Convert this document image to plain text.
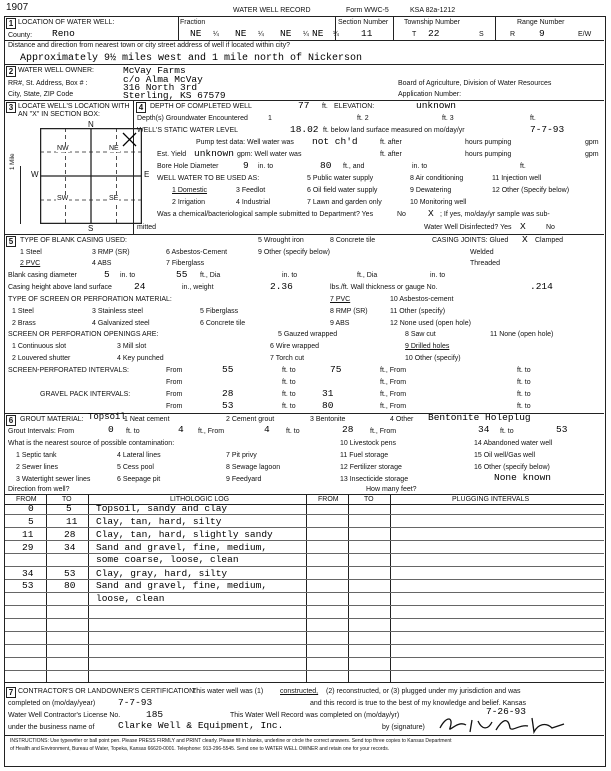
1907	WATER WELL RECORD	Form WWC-5	KSA 82a-1212
1 LOCATION OF WATER WELL:
County: Reno
Fraction
NE ¼ NE ¼ NE ¼ NE ¼
Section Number
11
Township Number
T 22	S
Range Number
R	9	E/W
Distance and direction from nearest town or city street address of well if located within city?
Approximately 9½ miles west and 1 mile north of Nickerson
2 WATER WELL OWNER:	McVay Farms
c/o Alma McVay
RR#, St. Address, Box # :	316 North 3rd
City, State, ZIP Code	Sterling, KS 67579
Board of Agriculture, Division of Water Resources
Application Number:
3 LOCATE WELL'S LOCATION WITH
AN "X" IN SECTION BOX:
N
S
W	E
1 Mile
NW	NE
SW	SE
4 DEPTH OF COMPLETED WELL	77 ft. ELEVATION:	unknown
Depth(s) Groundwater Encountered	1	ft. 2	ft. 3	ft.
WELL'S STATIC WATER LEVEL	18.02 ft. below land surface measured on mo/day/yr	7-7-93
Pump test data: Well water was not ch'd	ft. after	hours pumping	gpm
Est. Yield unknown gpm: Well water was	ft. after	hours pumping	gpm
Bore Hole Diameter	9 in. to	80 ft., and	in. to	ft.
WELL WATER TO BE USED AS:	5 Public water supply	8 Air conditioning	11 Injection well
1 Domestic	3 Feedlot	6 Oil field water supply	9 Dewatering	12 Other (Specify below)
2 Irrigation	4 Industrial	7 Lawn and garden only	10 Monitoring well
Was a chemical/bacteriological sample submitted to Department? Yes	No X ; If yes, mo/day/yr sample was sub-
mitted	Water Well Disinfected? Yes X	No
5 TYPE OF BLANK CASING USED:	5 Wrought iron	8 Concrete tile	CASING JOINTS: Glued X Clamped
1 Steel	3 RMP (SR)	6 Asbestos-Cement	9 Other (specify below)	Welded
2 PVC	4 ABS	7 Fiberglass	Threaded
Blank casing diameter	5 in. to	55 ft., Dia	in. to	ft., Dia	in. to
Casing height above land surface 24	in., weight	2.36	lbs./ft. Wall thickness or gauge No.	.214
TYPE OF SCREEN OR PERFORATION MATERIAL:	7 PVC	10 Asbestos-cement
1 Steel	3 Stainless steel	5 Fiberglass	8 RMP (SR)	11 Other (specify)
2 Brass	4 Galvanized steel	6 Concrete tile	9 ABS	12 None used (open hole)
SCREEN OR PERFORATION OPENINGS ARE:	5 Gauzed wrapped	8 Saw cut	11 None (open hole)
1 Continuous slot	3 Mill slot	6 Wire wrapped	9 Drilled holes
2 Louvered shutter	4 Key punched	7 Torch cut	10 Other (specify)
SCREEN-PERFORATED INTERVALS:	From	55	ft. to	75	ft., From	ft. to
From	ft. to	ft., From	ft. to
GRAVEL PACK INTERVALS:	From	28	ft. to	31	ft., From	ft. to
From	53	ft. to	80	ft., From	ft. to
6 GROUT MATERIAL: Topsoil
1 Neat cement	2 Cement grout	3 Bentonite	4 Other Bentonite Holeplug
Grout Intervals: From	0 ft. to	4 ft., From	4 ft. to	28 ft., From	34 ft. to	53
What is the nearest source of possible contamination:
1 Septic tank	4 Lateral lines	7 Pit privy
10 Livestock pens	14 Abandoned water well
2 Sewer lines	5 Cess pool	8 Sewage lagoon
11 Fuel storage	15 Oil well/Gas well
3 Watertight sewer lines	6 Seepage pit	9 Feedyard
12 Fertilizer storage	16 Other (specify below)
13 Insecticide storage	None known
Direction from well?	How many feet?
FROM	TO	LITHOLOGIC LOG	FROM	TO	PLUGGING INTERVALS
0	5	Topsoil, sandy and clay
5	11 Clay, tan, hard, silty
11	28 Clay, tan, hard, slightly sandy
29	34 Sand and gravel, fine, medium,
some coarse, loose, clean
34	53 Clay, gray, hard, silty
53	80 Sand and gravel, fine, medium,
loose, clean
7 CONTRACTOR'S OR LANDOWNER'S CERTIFICATION:
This water well was (1) constructed, (2) reconstructed, or (3) plugged under my jurisdiction and was
completed on (mo/day/year) 7-7-93	and this record is true to the best of my knowledge and belief. Kansas
Water Well Contractor's License No.	185	This Water Well Record was completed on (mo/day/yr)	7-26-93
under the business name of Clarke Well & Equipment, Inc.	by (signature)
INSTRUCTIONS: Use typewriter or ball point pen. Please PRESS FIRMLY and PRINT clearly. Please fill in blanks, underline or circle the correct answers. Send top three copies to Kansas Department
of Health and Environment, Bureau of Water, Topeka, Kansas 66620-0001. Telephone: 913-296-5545. Send one to WATER WELL OWNER and retain one for your records.
